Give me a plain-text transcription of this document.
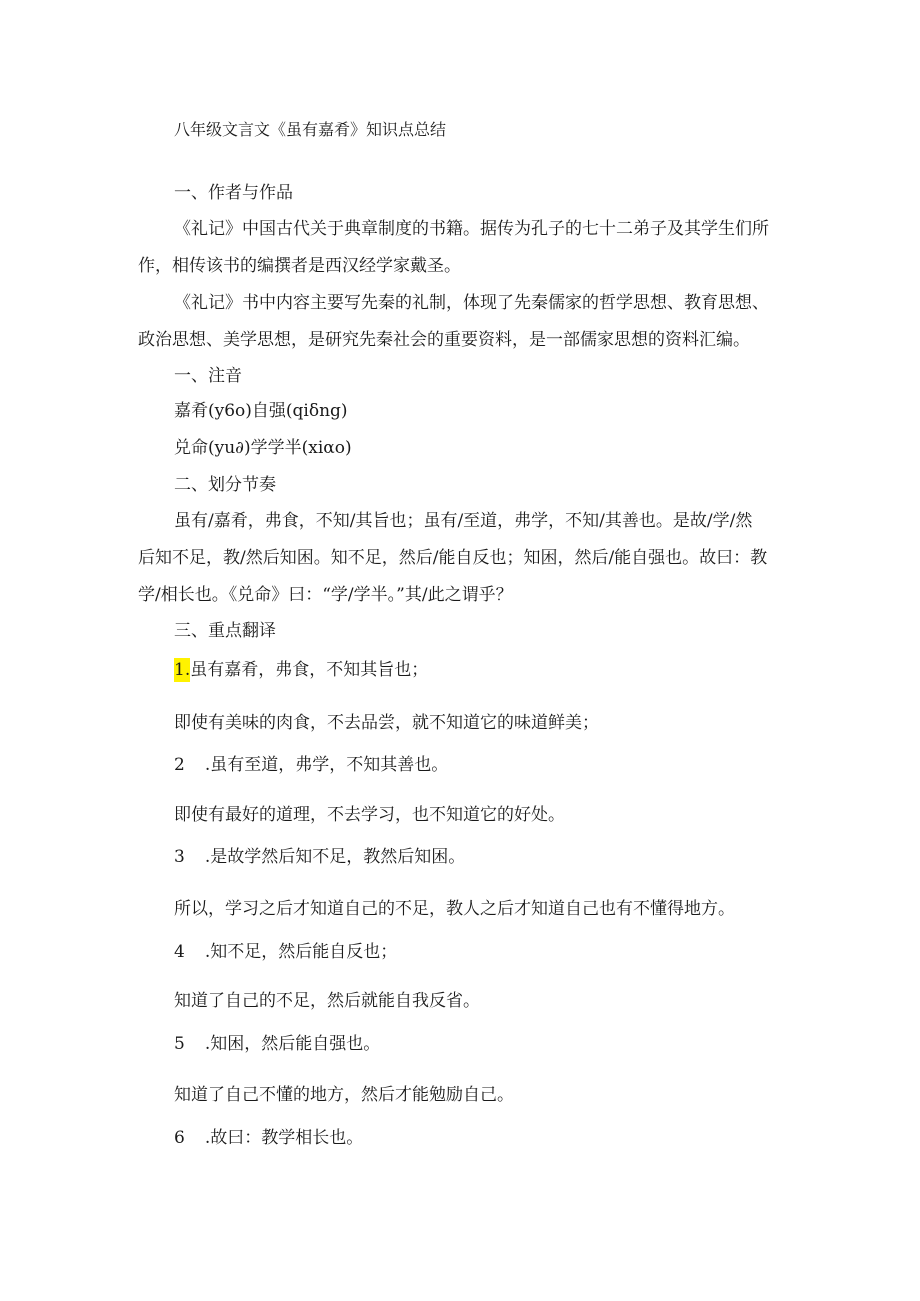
八年级文言文《虽有嘉肴》知识点总结
一、作者与作品
《礼记》中国古代关于典章制度的书籍。据传为孔子的七十二弟子及其学生们所
作，相传该书的编撰者是西汉经学家戴圣。
《礼记》书中内容主要写先秦的礼制，体现了先秦儒家的哲学思想、教育思想、
政治思想、美学思想，是研究先秦社会的重要资料，是一部儒家思想的资料汇编。
一、注音
嘉肴(y6o)自强(qiδng)
兑命(yu∂)学学半(xiαo)
二、划分节奏
虽有/嘉肴，弗食，不知/其旨也；虽有/至道，弗学，不知/其善也。是故/学/然
后知不足，教/然后知困。知不足，然后/能自反也；知困，然后/能自强也。故曰：教
学/相长也。《兑命》曰：“学/学半。”其/此之谓乎？
三、重点翻译
1.虽有嘉肴，弗食，不知其旨也；
即使有美味的肉食，不去品尝，就不知道它的味道鲜美；
2 .虽有至道，弗学，不知其善也。
即使有最好的道理，不去学习，也不知道它的好处。
3 .是故学然后知不足，教然后知困。
所以，学习之后才知道自己的不足，教人之后才知道自己也有不懂得地方。
4 .知不足，然后能自反也；
知道了自己的不足，然后就能自我反省。
5 .知困，然后能自强也。
知道了自己不懂的地方，然后才能勉励自己。
6 .故曰：教学相长也。
